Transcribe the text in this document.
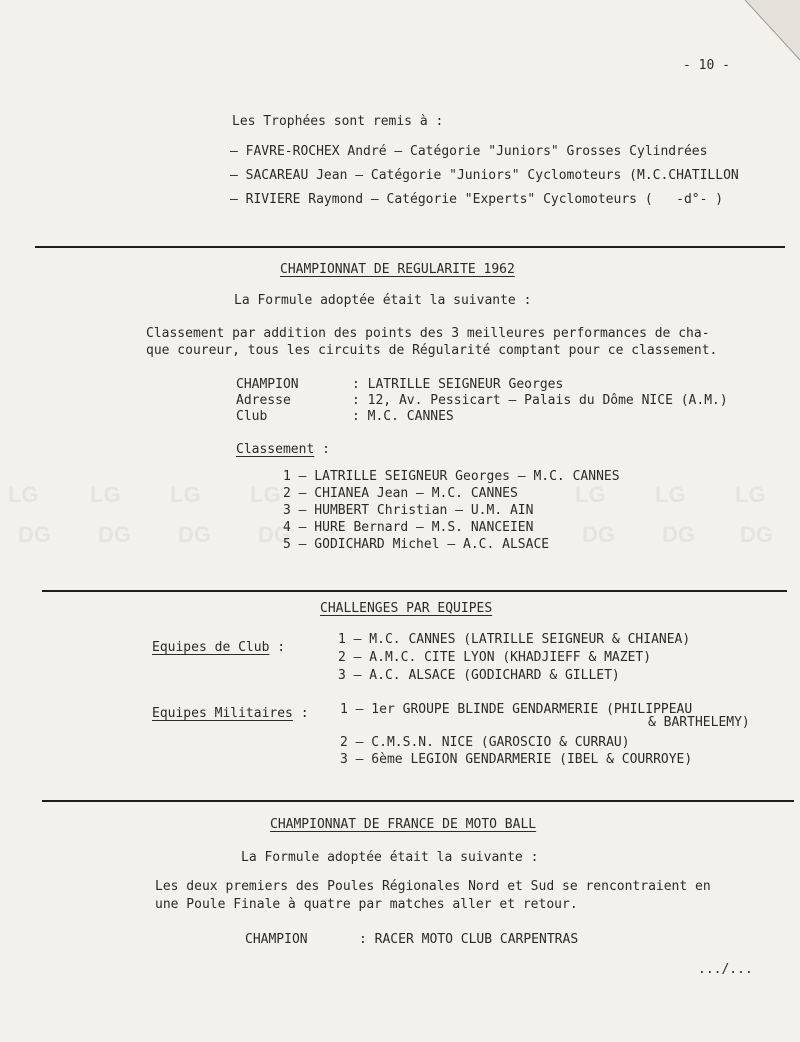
LG
DG
LG
DG
LG
DG
LG
DG
LG
DG
LG
DG
LG
DG
- 10 -
Les Trophées sont remis à :
– FAVRE-ROCHEX André – Catégorie "Juniors" Grosses Cylindrées
– SACAREAU Jean – Catégorie "Juniors" Cyclomoteurs (M.C.CHATILLON
– RIVIERE Raymond – Catégorie "Experts" Cyclomoteurs (   -d°- )
CHAMPIONNAT DE REGULARITE 1962
La Formule adoptée était la suivante :
Classement par addition des points des 3 meilleures performances de cha-
que coureur, tous les circuits de Régularité comptant pour ce classement.
CHAMPION	: LATRILLE SEIGNEUR Georges
Adresse	: 12, Av. Pessicart – Palais du Dôme NICE (A.M.)
Club	: M.C. CANNES
Classement :
1 – LATRILLE SEIGNEUR Georges – M.C. CANNES
2 – CHIANEA Jean – M.C. CANNES
3 – HUMBERT Christian – U.M. AIN
4 – HURE Bernard – M.S. NANCEIEN
5 – GODICHARD Michel – A.C. ALSACE
CHALLENGES PAR EQUIPES
Equipes de Club :
1 – M.C. CANNES (LATRILLE SEIGNEUR & CHIANEA)
2 – A.M.C. CITE LYON (KHADJIEFF & MAZET)
3 – A.C. ALSACE (GODICHARD & GILLET)
Equipes Militaires : 1 – 1er GROUPE BLINDE GENDARMERIE (PHILIPPEAU
& BARTHELEMY)
2 – C.M.S.N. NICE (GAROSCIO & CURRAU)
3 – 6ème LEGION GENDARMERIE (IBEL & COURROYE)
CHAMPIONNAT DE FRANCE DE MOTO BALL
La Formule adoptée était la suivante :
Les deux premiers des Poules Régionales Nord et Sud se rencontraient en
une Poule Finale à quatre par matches aller et retour.
CHAMPION	: RACER MOTO CLUB CARPENTRAS
.../...
